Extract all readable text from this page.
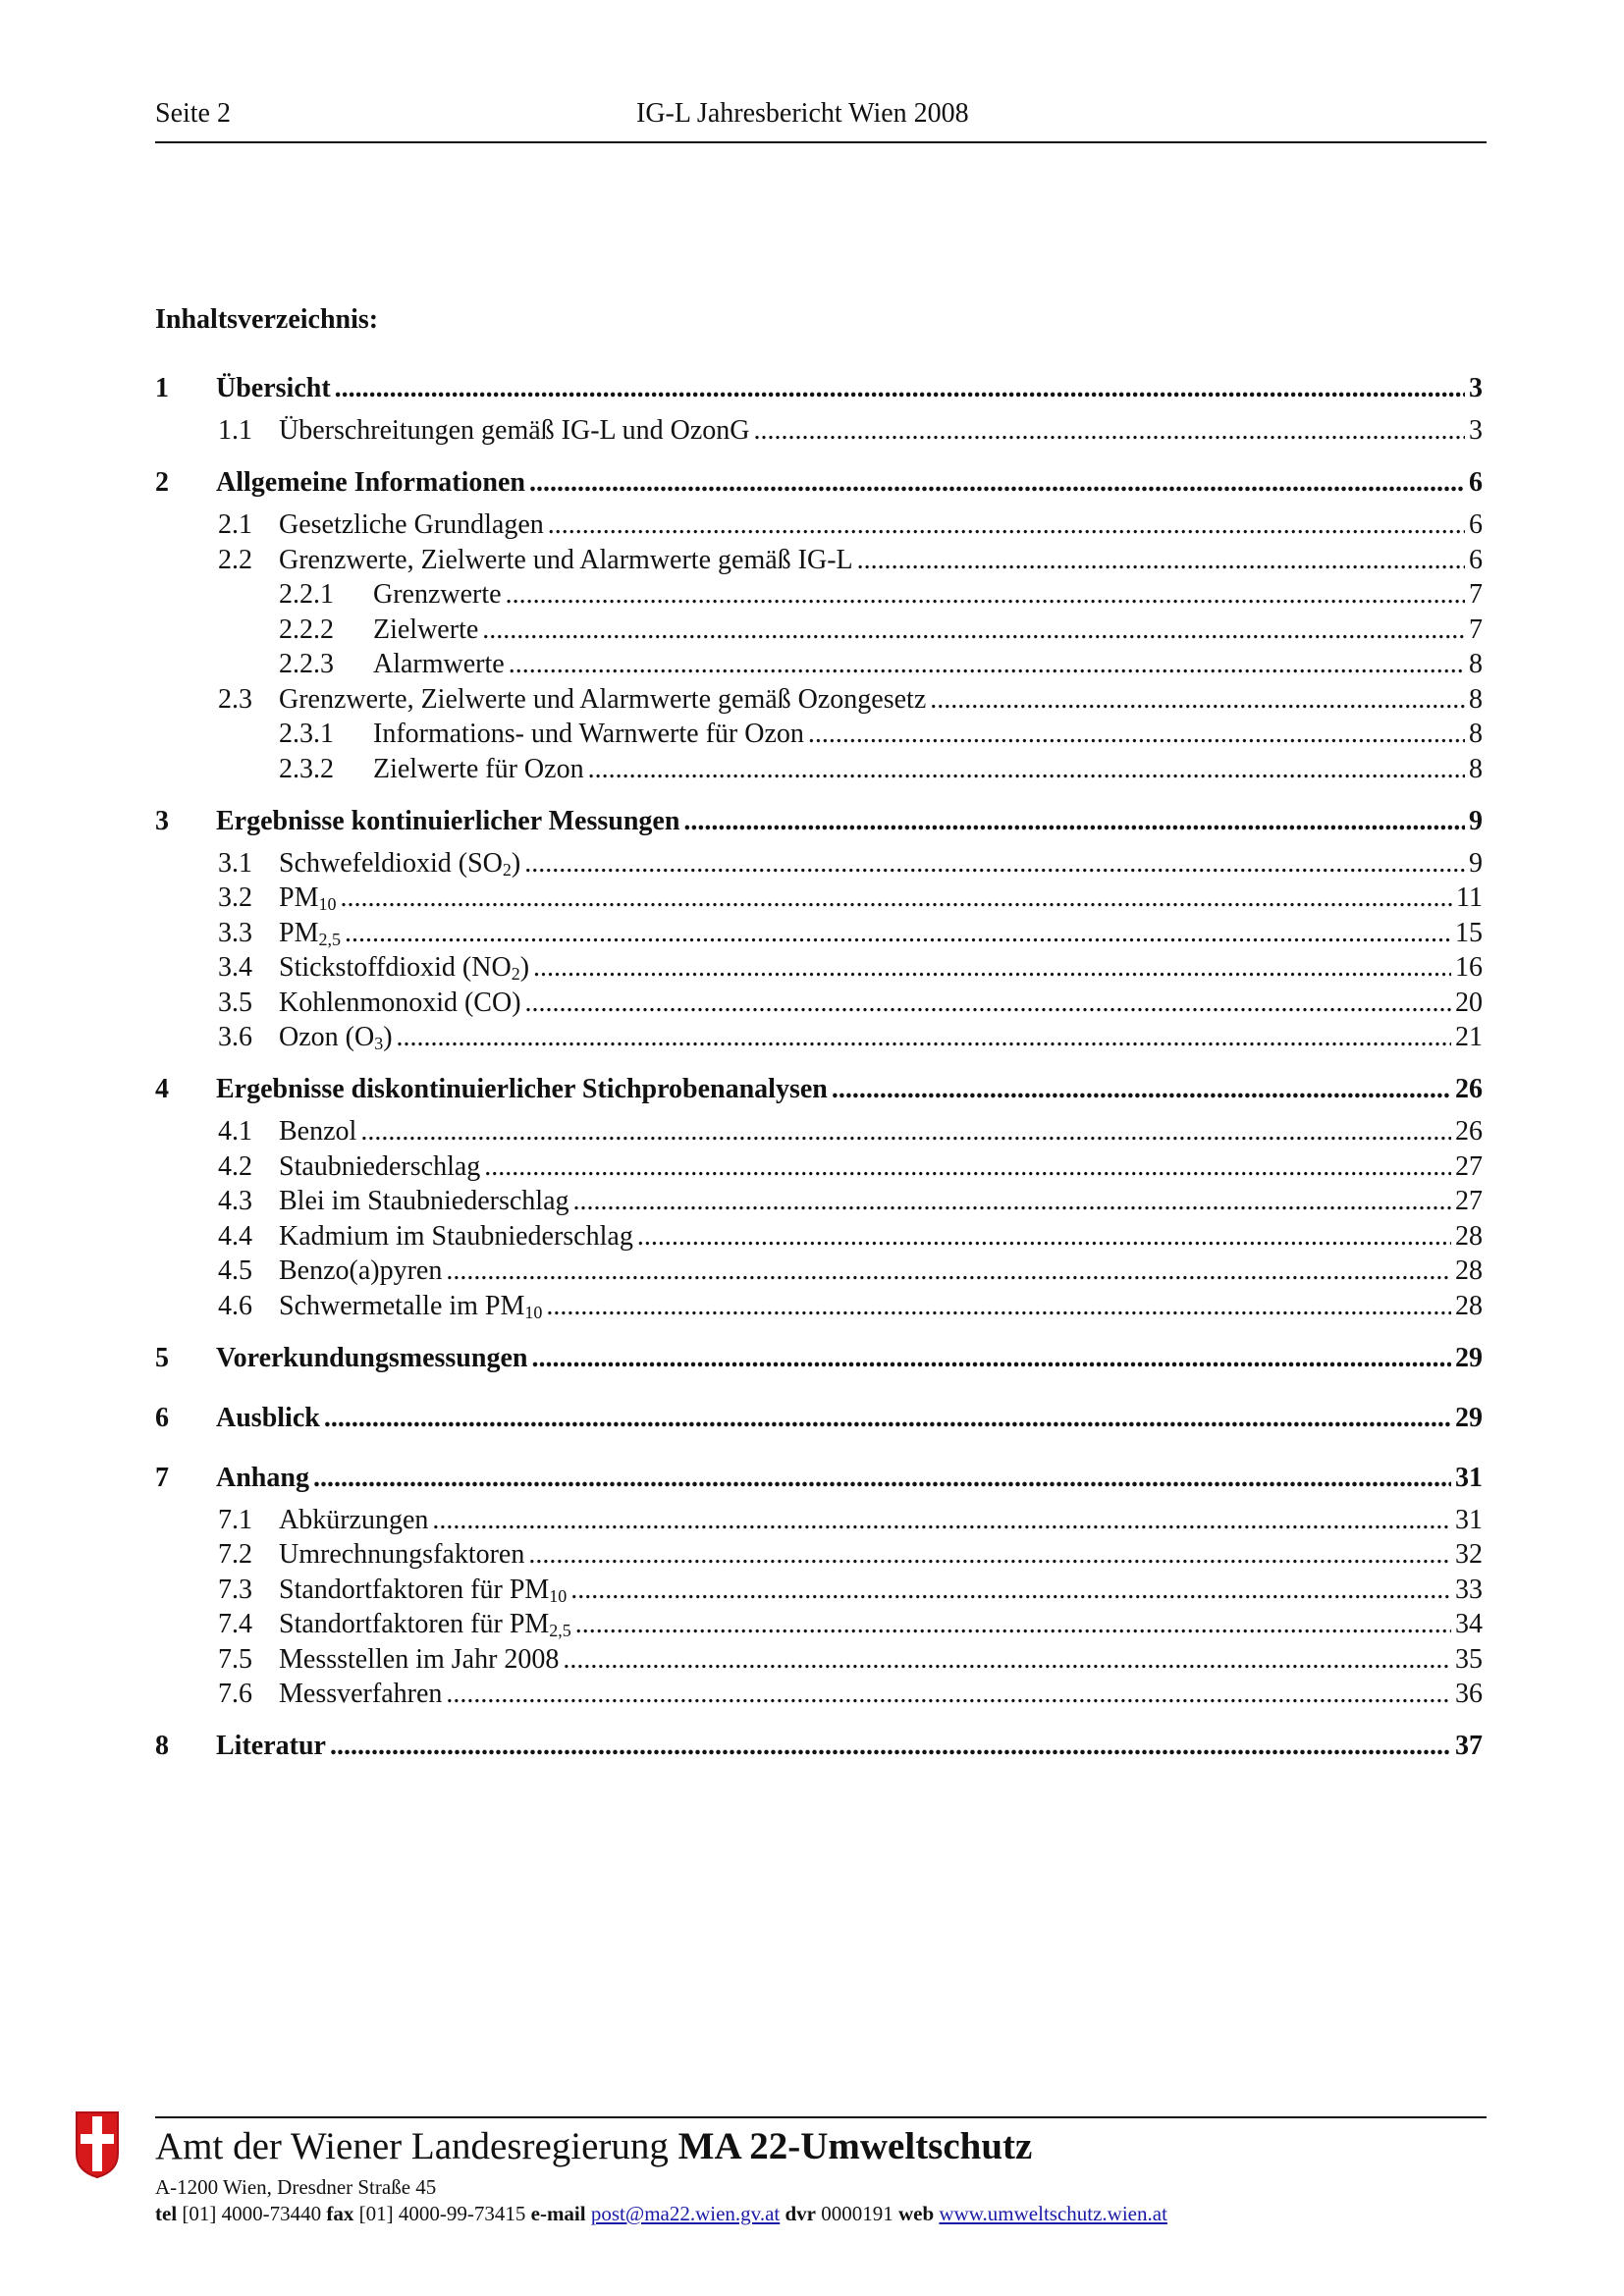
Seite 2	IG-L Jahresbericht Wien 2008
Inhaltsverzeichnis:
1	Übersicht .....	3
1.1 Überschreitungen gemäß IG-L und OzonG .....	3
2	Allgemeine Informationen .....	6
2.1 Gesetzliche Grundlagen .....	6
2.2 Grenzwerte, Zielwerte und Alarmwerte gemäß IG-L .....	6
2.2.1	Grenzwerte .....	7
2.2.2	Zielwerte .....	7
2.2.3	Alarmwerte .....	8
2.3 Grenzwerte, Zielwerte und Alarmwerte gemäß Ozongesetz .....	8
2.3.1	Informations- und Warnwerte für Ozon .....	8
2.3.2	Zielwerte für Ozon .....	8
3	Ergebnisse kontinuierlicher Messungen .....	9
3.1 Schwefeldioxid $(SO_2)$ .....	9
3.2 $PM_{10}$ .....	11
3.3 $PM_{2,5}$ .....	15
3.4 Stickstoffdioxid $(NO_2)$ .....	16
3.5 Kohlenmonoxid (CO) .....	20
3.6 Ozon $(O_3)$ .....	21
4	Ergebnisse diskontinuierlicher Stichprobenanalysen .....	26
4.1 Benzol .....	26
4.2 Staubniederschlag .....	27
4.3 Blei im Staubniederschlag .....	27
4.4 Kadmium im Staubniederschlag .....	28
4.5 Benzo(a)pyren .....	28
4.6 Schwermetalle im $PM_{10}$ .....	28
5	Vorerkundungsmessungen .....	29
6	Ausblick .....	29
7	Anhang .....	31
7.1 Abkürzungen .....	31
7.2 Umrechnungsfaktoren .....	32
7.3 Standortfaktoren für $PM_{10}$ .....	33
7.4 Standortfaktoren für $PM_{2,5}$ .....	34
7.5 Messstellen im Jahr 2008 .....	35
7.6 Messverfahren .....	36
8	Literatur .....	37
Amt der Wiener Landesregierung MA 22-Umweltschutz
A-1200 Wien, Dresdner Straße 45
tel [01] 4000-73440 fax [01] 4000-99-73415 e-mail post@ma22.wien.gv.at dvr 0000191 web www.umweltschutz.wien.at
